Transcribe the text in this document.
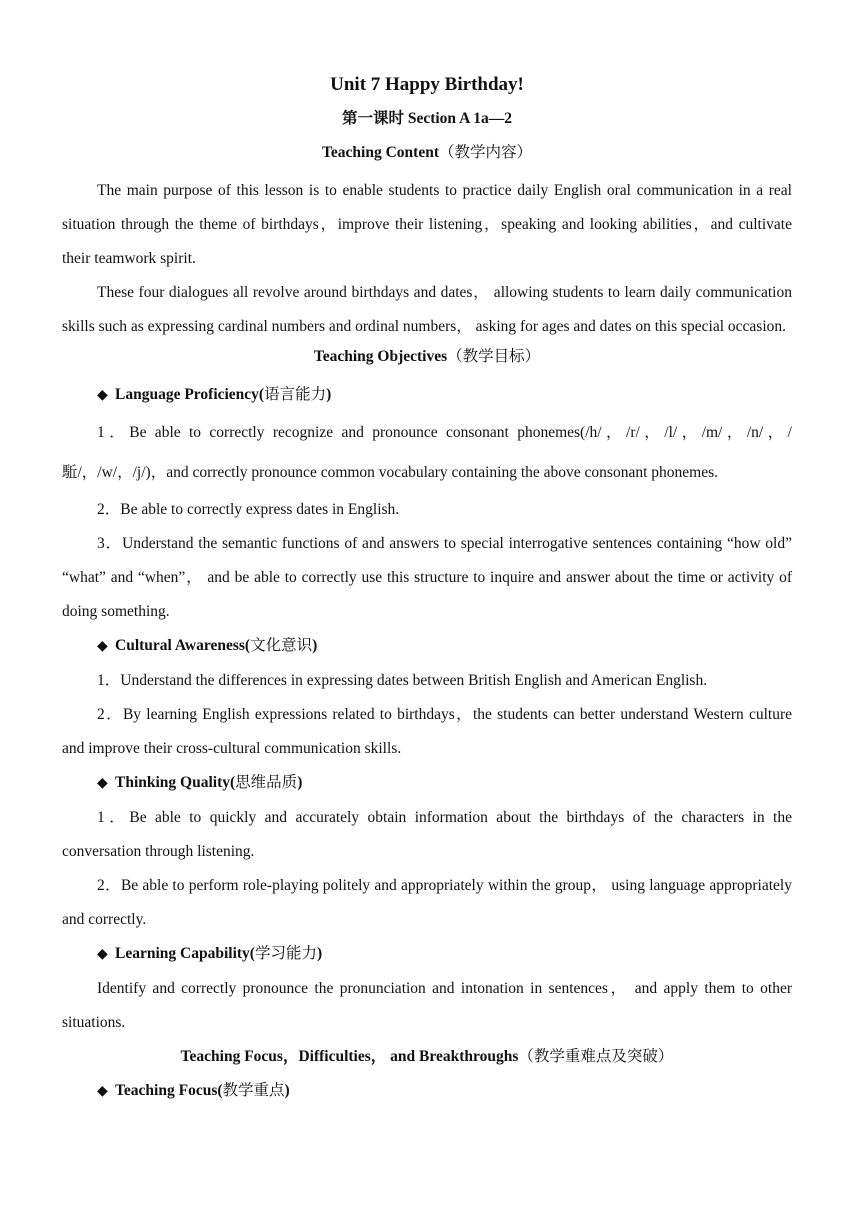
Unit 7 Happy Birthday!
第一课时 Section A 1a—2
Teaching Content（教学内容）

The main purpose of this lesson is to enable students to practice daily English oral communication in a real situation through the theme of birthdays，improve their listening，speaking and looking abilities，and cultivate their teamwork spirit.

These four dialogues all revolve around birthdays and dates， allowing students to learn daily communication skills such as expressing cardinal numbers and ordinal numbers， asking for ages and dates on this special occasion.

Teaching Objectives（教学目标）

Language Proficiency(语言能力)

1．Be able to correctly recognize and pronounce consonant phonemes(/h/，/r/，/l/，/m/，/n/，/駈/，/w/，/j/)，and correctly pronounce common vocabulary containing the above consonant phonemes.

2．Be able to correctly express dates in English.

3．Understand the semantic functions of and answers to special interrogative sentences containing “how old” “what” and “when”， and be able to correctly use this structure to inquire and answer about the time or activity of doing something.

Cultural Awareness(文化意识)

1．Understand the differences in expressing dates between British English and American English.

2．By learning English expressions related to birthdays，the students can better understand Western culture and improve their cross-cultural communication skills.

Thinking Quality(思维品质)

1．Be able to quickly and accurately obtain information about the birthdays of the characters in the conversation through listening.

2．Be able to perform role-playing politely and appropriately within the group， using language appropriately and correctly.

Learning Capability(学习能力)

Identify and correctly pronounce the pronunciation and intonation in sentences， and apply them to other situations.

Teaching Focus，Difficulties， and Breakthroughs（教学重难点及突破）

Teaching Focus(教学重点)
